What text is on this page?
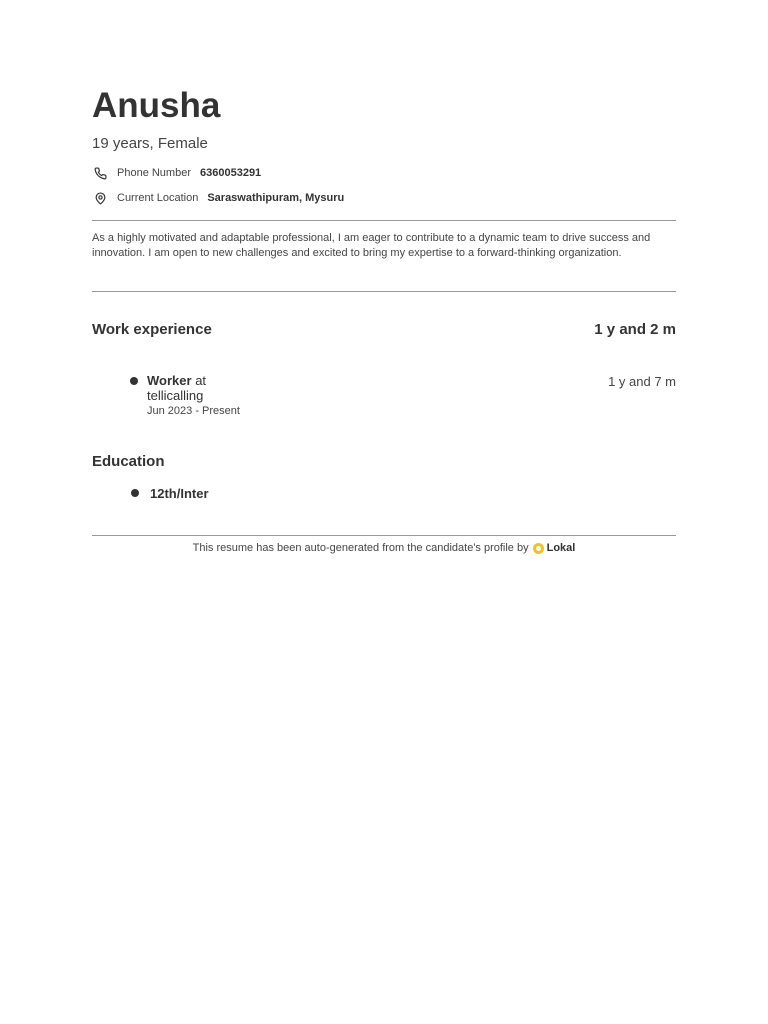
Anusha
19 years, Female
Phone Number 6360053291
Current Location Saraswathipuram, Mysuru
As a highly motivated and adaptable professional, I am eager to contribute to a dynamic team to drive success and innovation. I am open to new challenges and excited to bring my expertise to a forward-thinking organization.
Work experience	1 y and 2 m
Worker at
tellicalling
Jun 2023 - Present
1 y and 7 m
Education
12th/Inter
This resume has been auto-generated from the candidate's profile by Lokal
